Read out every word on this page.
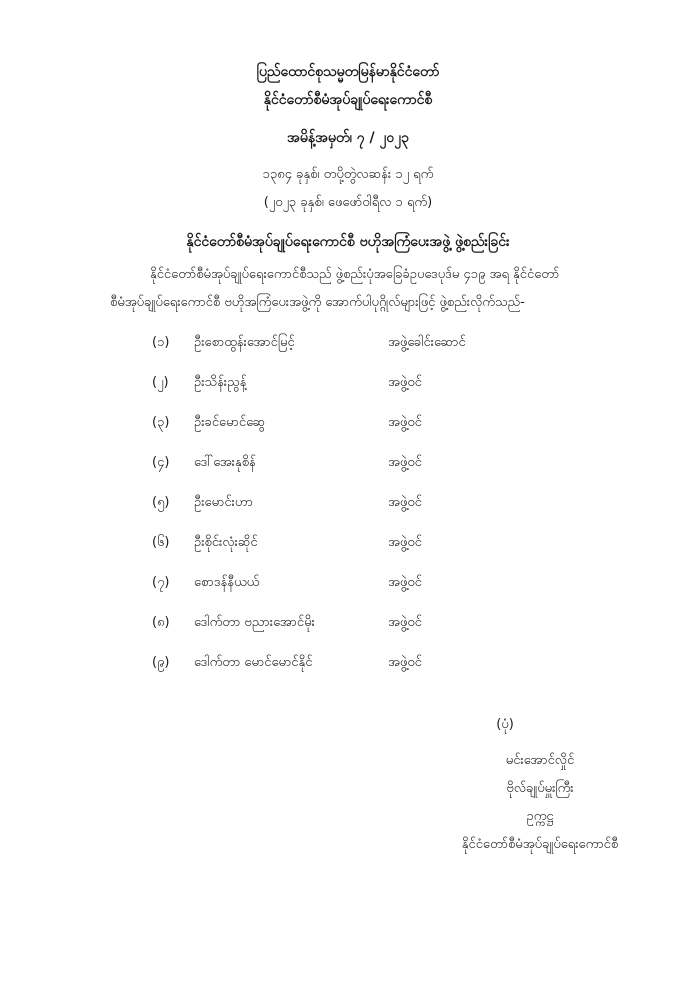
ပြည်ထောင်စုသမ္မတမြန်မာနိုင်ငံတော်
နိုင်ငံတော်စီမံအုပ်ချုပ်ရေးကောင်စီ
အမိန့်အမှတ်၊ ၇ / ၂၀၂၃
၁၃၈၄ ခုနှစ်၊ တပို့တွဲလဆန်း ၁၂ ရက်
(၂၀၂၃ ခုနှစ်၊ ဖေဖော်ဝါရီလ ၁ ရက်)
နိုင်ငံတော်စီမံအုပ်ချုပ်ရေးကောင်စီ ဗဟိုအကြံပေးအဖွဲ့ ဖွဲ့စည်းခြင်း
နိုင်ငံတော်စီမံအုပ်ချုပ်ရေးကောင်စီသည် ဖွဲ့စည်းပုံအခြေခံဥပဒေပုဒ်မ ၄၁၉ အရ နိုင်ငံတော်
စီမံအုပ်ချုပ်ရေးကောင်စီ ဗဟိုအကြံပေးအဖွဲ့ကို အောက်ပါပုဂ္ဂိုလ်များဖြင့် ဖွဲ့စည်းလိုက်သည်-
(၁) ဦးစောထွန်းအောင်မြင့်	အဖွဲ့ခေါင်းဆောင်
(၂) ဦးသိန်းညွန့်	အဖွဲ့ဝင်
(၃) ဦးခင်မောင်ဆွေ	အဖွဲ့ဝင်
(၄) ဒေါ်အေးနုစိန်	အဖွဲ့ဝင်
(၅) ဦးမောင်းဟာ	အဖွဲ့ဝင်
(၆) ဦးစိုင်းလုံးဆိုင်	အဖွဲ့ဝင်
(၇) စောဒန်နီယယ်	အဖွဲ့ဝင်
(၈) ဒေါက်တာ ဗညားအောင်မိုး	အဖွဲ့ဝင်
(၉) ဒေါက်တာ မောင်မောင်နိုင်	အဖွဲ့ဝင်
(ပုံ)
မင်းအောင်လှိုင်
ဗိုလ်ချုပ်မှူးကြီး
ဥက္ကဋ္ဌ
နိုင်ငံတော်စီမံအုပ်ချုပ်ရေးကောင်စီ
